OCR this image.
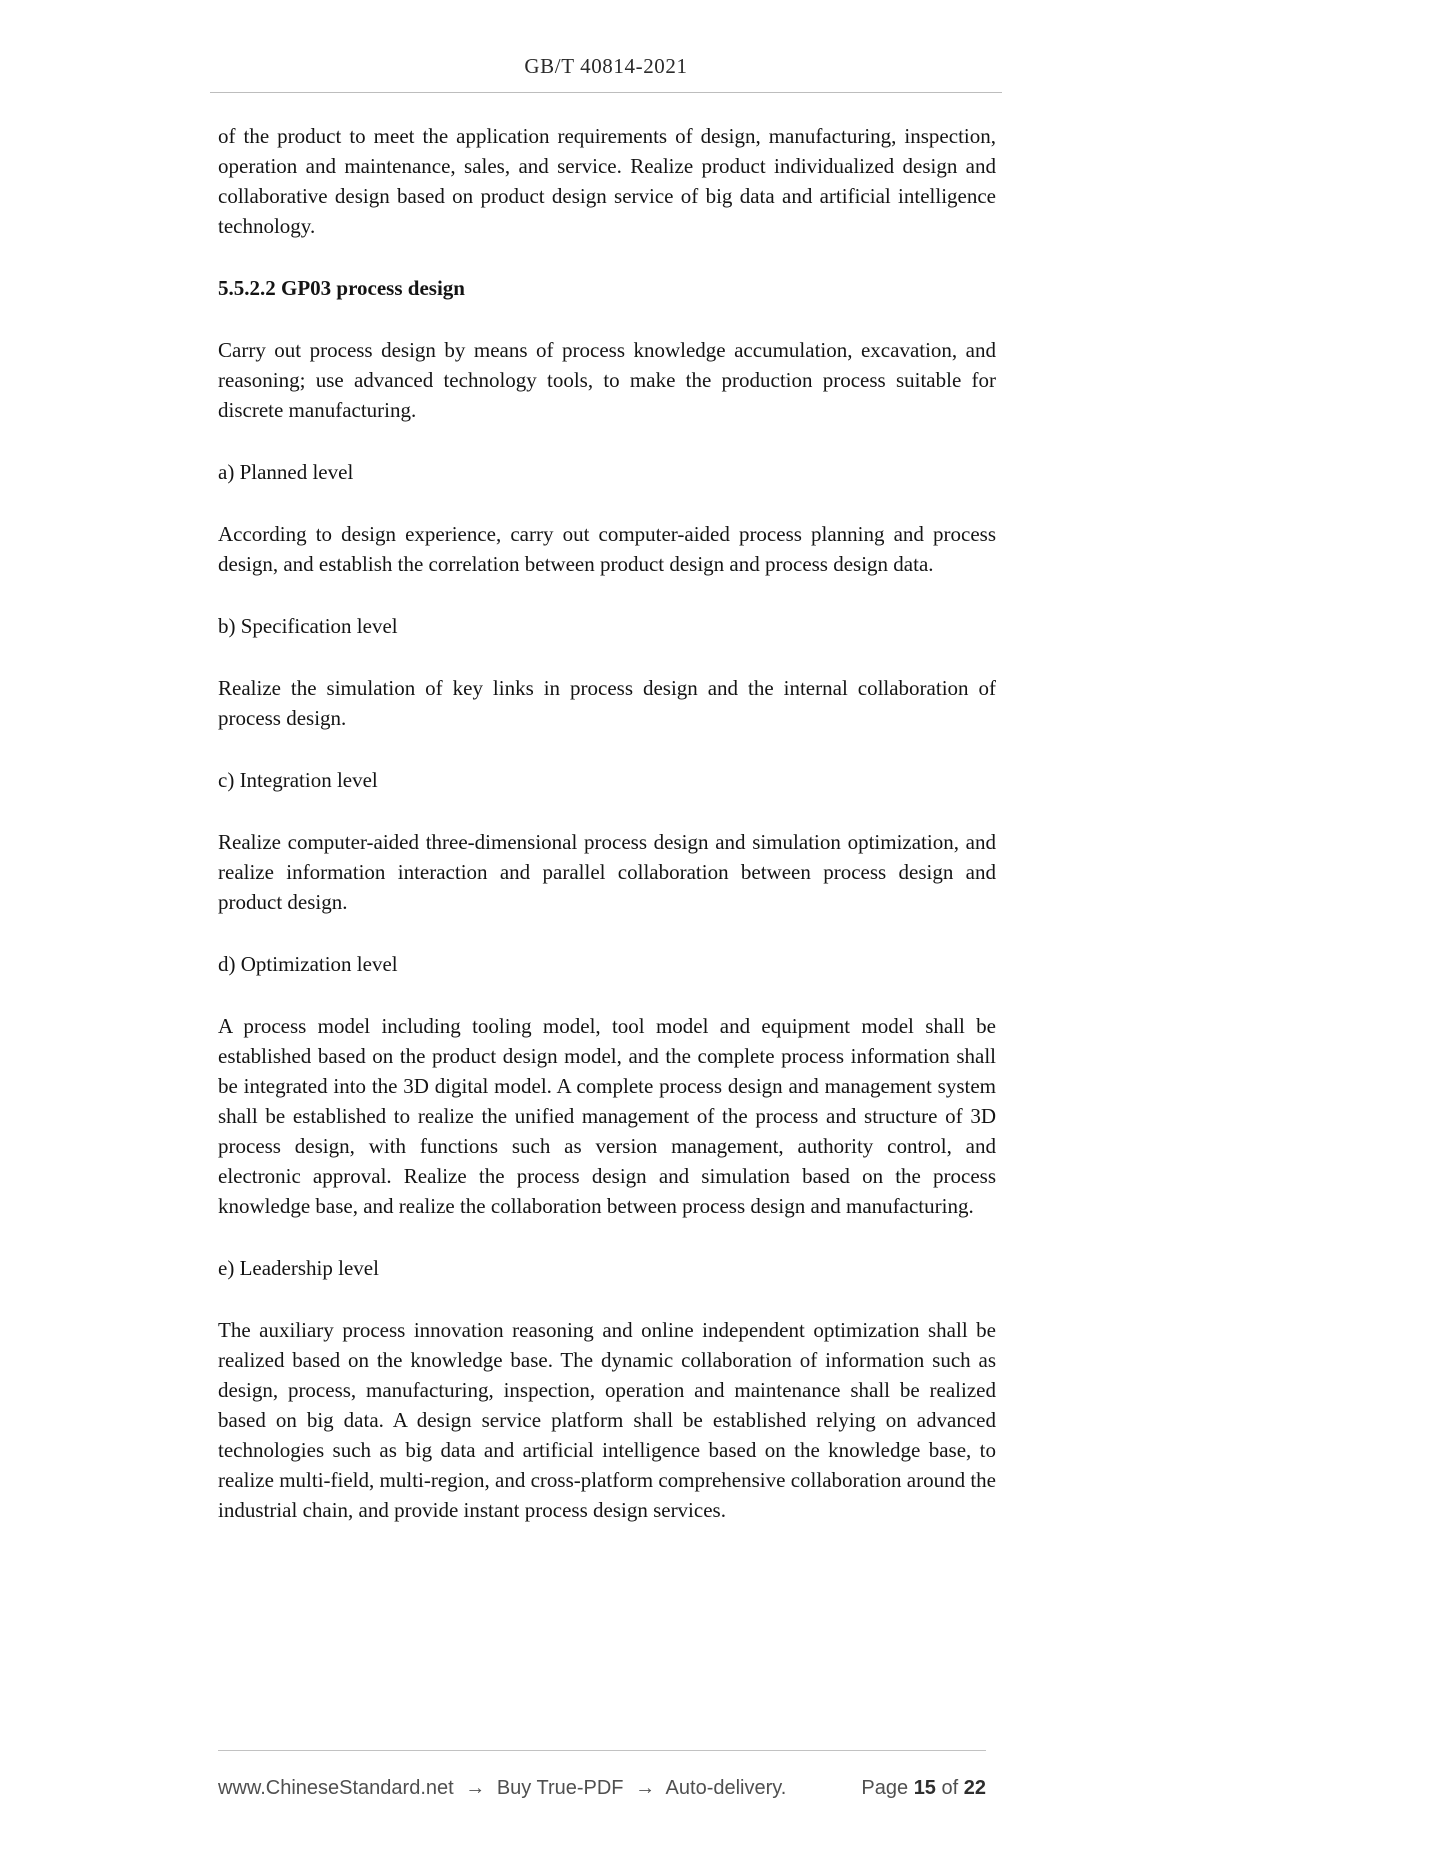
GB/T 40814-2021

of the product to meet the application requirements of design, manufacturing, inspection, operation and maintenance, sales, and service. Realize product individualized design and collaborative design based on product design service of big data and artificial intelligence technology.

5.5.2.2 GP03 process design

Carry out process design by means of process knowledge accumulation, excavation, and reasoning; use advanced technology tools, to make the production process suitable for discrete manufacturing.

a) Planned level

According to design experience, carry out computer-aided process planning and process design, and establish the correlation between product design and process design data.

b) Specification level

Realize the simulation of key links in process design and the internal collaboration of process design.

c) Integration level

Realize computer-aided three-dimensional process design and simulation optimization, and realize information interaction and parallel collaboration between process design and product design.

d) Optimization level

A process model including tooling model, tool model and equipment model shall be established based on the product design model, and the complete process information shall be integrated into the 3D digital model. A complete process design and management system shall be established to realize the unified management of the process and structure of 3D process design, with functions such as version management, authority control, and electronic approval. Realize the process design and simulation based on the process knowledge base, and realize the collaboration between process design and manufacturing.

e) Leadership level

The auxiliary process innovation reasoning and online independent optimization shall be realized based on the knowledge base. The dynamic collaboration of information such as design, process, manufacturing, inspection, operation and maintenance shall be realized based on big data. A design service platform shall be established relying on advanced technologies such as big data and artificial intelligence based on the knowledge base, to realize multi-field, multi-region, and cross-platform comprehensive collaboration around the industrial chain, and provide instant process design services.

www.ChineseStandard.net → Buy True-PDF → Auto-delivery.	Page 15 of 22
